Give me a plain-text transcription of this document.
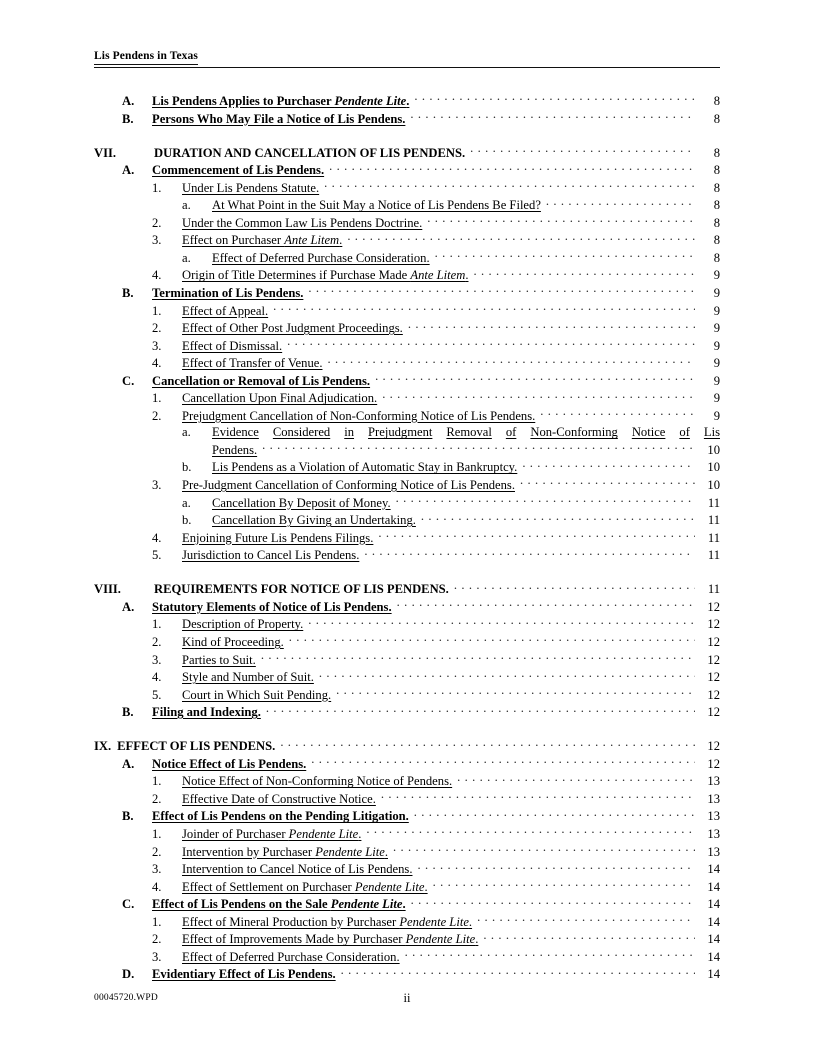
Lis Pendens in Texas
A.	Lis Pendens Applies to Purchaser Pendente Lite. . . .	8
B.	Persons Who May File a Notice of Lis Pendens. . . .	8
VII.	DURATION AND CANCELLATION OF LIS PENDENS. . . .	8
A.	Commencement of Lis Pendens. . . .	8
1.	Under Lis Pendens Statute. . . .	8
a.	At What Point in the Suit May a Notice of Lis Pendens Be Filed? . . .	8
2.	Under the Common Law Lis Pendens Doctrine. . . .	8
3.	Effect on Purchaser Ante Litem. . . .	8
a.	Effect of Deferred Purchase Consideration. . . .	8
4.	Origin of Title Determines if Purchase Made Ante Litem. . . .	9
B.	Termination of Lis Pendens. . . .	9
1.	Effect of Appeal. . . .	9
2.	Effect of Other Post Judgment Proceedings. . . .	9
3.	Effect of Dismissal. . . .	9
4.	Effect of Transfer of Venue. . . .	9
C.	Cancellation or Removal of Lis Pendens. . . .	9
1.	Cancellation Upon Final Adjudication. . . .	9
2.	Prejudgment Cancellation of Non-Conforming Notice of Lis Pendens. . . .	9
a.	Evidence Considered in Prejudgment Removal of Non-Conforming Notice of Lis
Pendens. . . .	10
b.	Lis Pendens as a Violation of Automatic Stay in Bankruptcy. . . .	10
3.	Pre-Judgment Cancellation of Conforming Notice of Lis Pendens. . . .	10
a.	Cancellation By Deposit of Money. . . .	11
b.	Cancellation By Giving an Undertaking. . . .	11
4.	Enjoining Future Lis Pendens Filings. . . .	11
5.	Jurisdiction to Cancel Lis Pendens. . . .	11
VIII.	REQUIREMENTS FOR NOTICE OF LIS PENDENS. . . .	11
A.	Statutory Elements of Notice of Lis Pendens. . . .	12
1.	Description of Property. . . .	12
2.	Kind of Proceeding. . . .	12
3.	Parties to Suit. . . .	12
4.	Style and Number of Suit. . . .	12
5.	Court in Which Suit Pending. . . .	12
B.	Filing and Indexing. . . .	12
IX. EFFECT OF LIS PENDENS. . . .	12
A.	Notice Effect of Lis Pendens. . . .	12
1.	Notice Effect of Non-Conforming Notice of Pendens. . . .	13
2.	Effective Date of Constructive Notice. . . .	13
B.	Effect of Lis Pendens on the Pending Litigation. . . .	13
1.	Joinder of Purchaser Pendente Lite. . . .	13
2.	Intervention by Purchaser Pendente Lite. . . .	13
3.	Intervention to Cancel Notice of Lis Pendens. . . .	14
4.	Effect of Settlement on Purchaser Pendente Lite. . . .	14
C.	Effect of Lis Pendens on the Sale Pendente Lite. . . .	14
1.	Effect of Mineral Production by Purchaser Pendente Lite. . . .	14
2.	Effect of Improvements Made by Purchaser Pendente Lite. . . .	14
3.	Effect of Deferred Purchase Consideration. . . .	14
D.	Evidentiary Effect of Lis Pendens. . . .	14
00045720.WPD	ii
